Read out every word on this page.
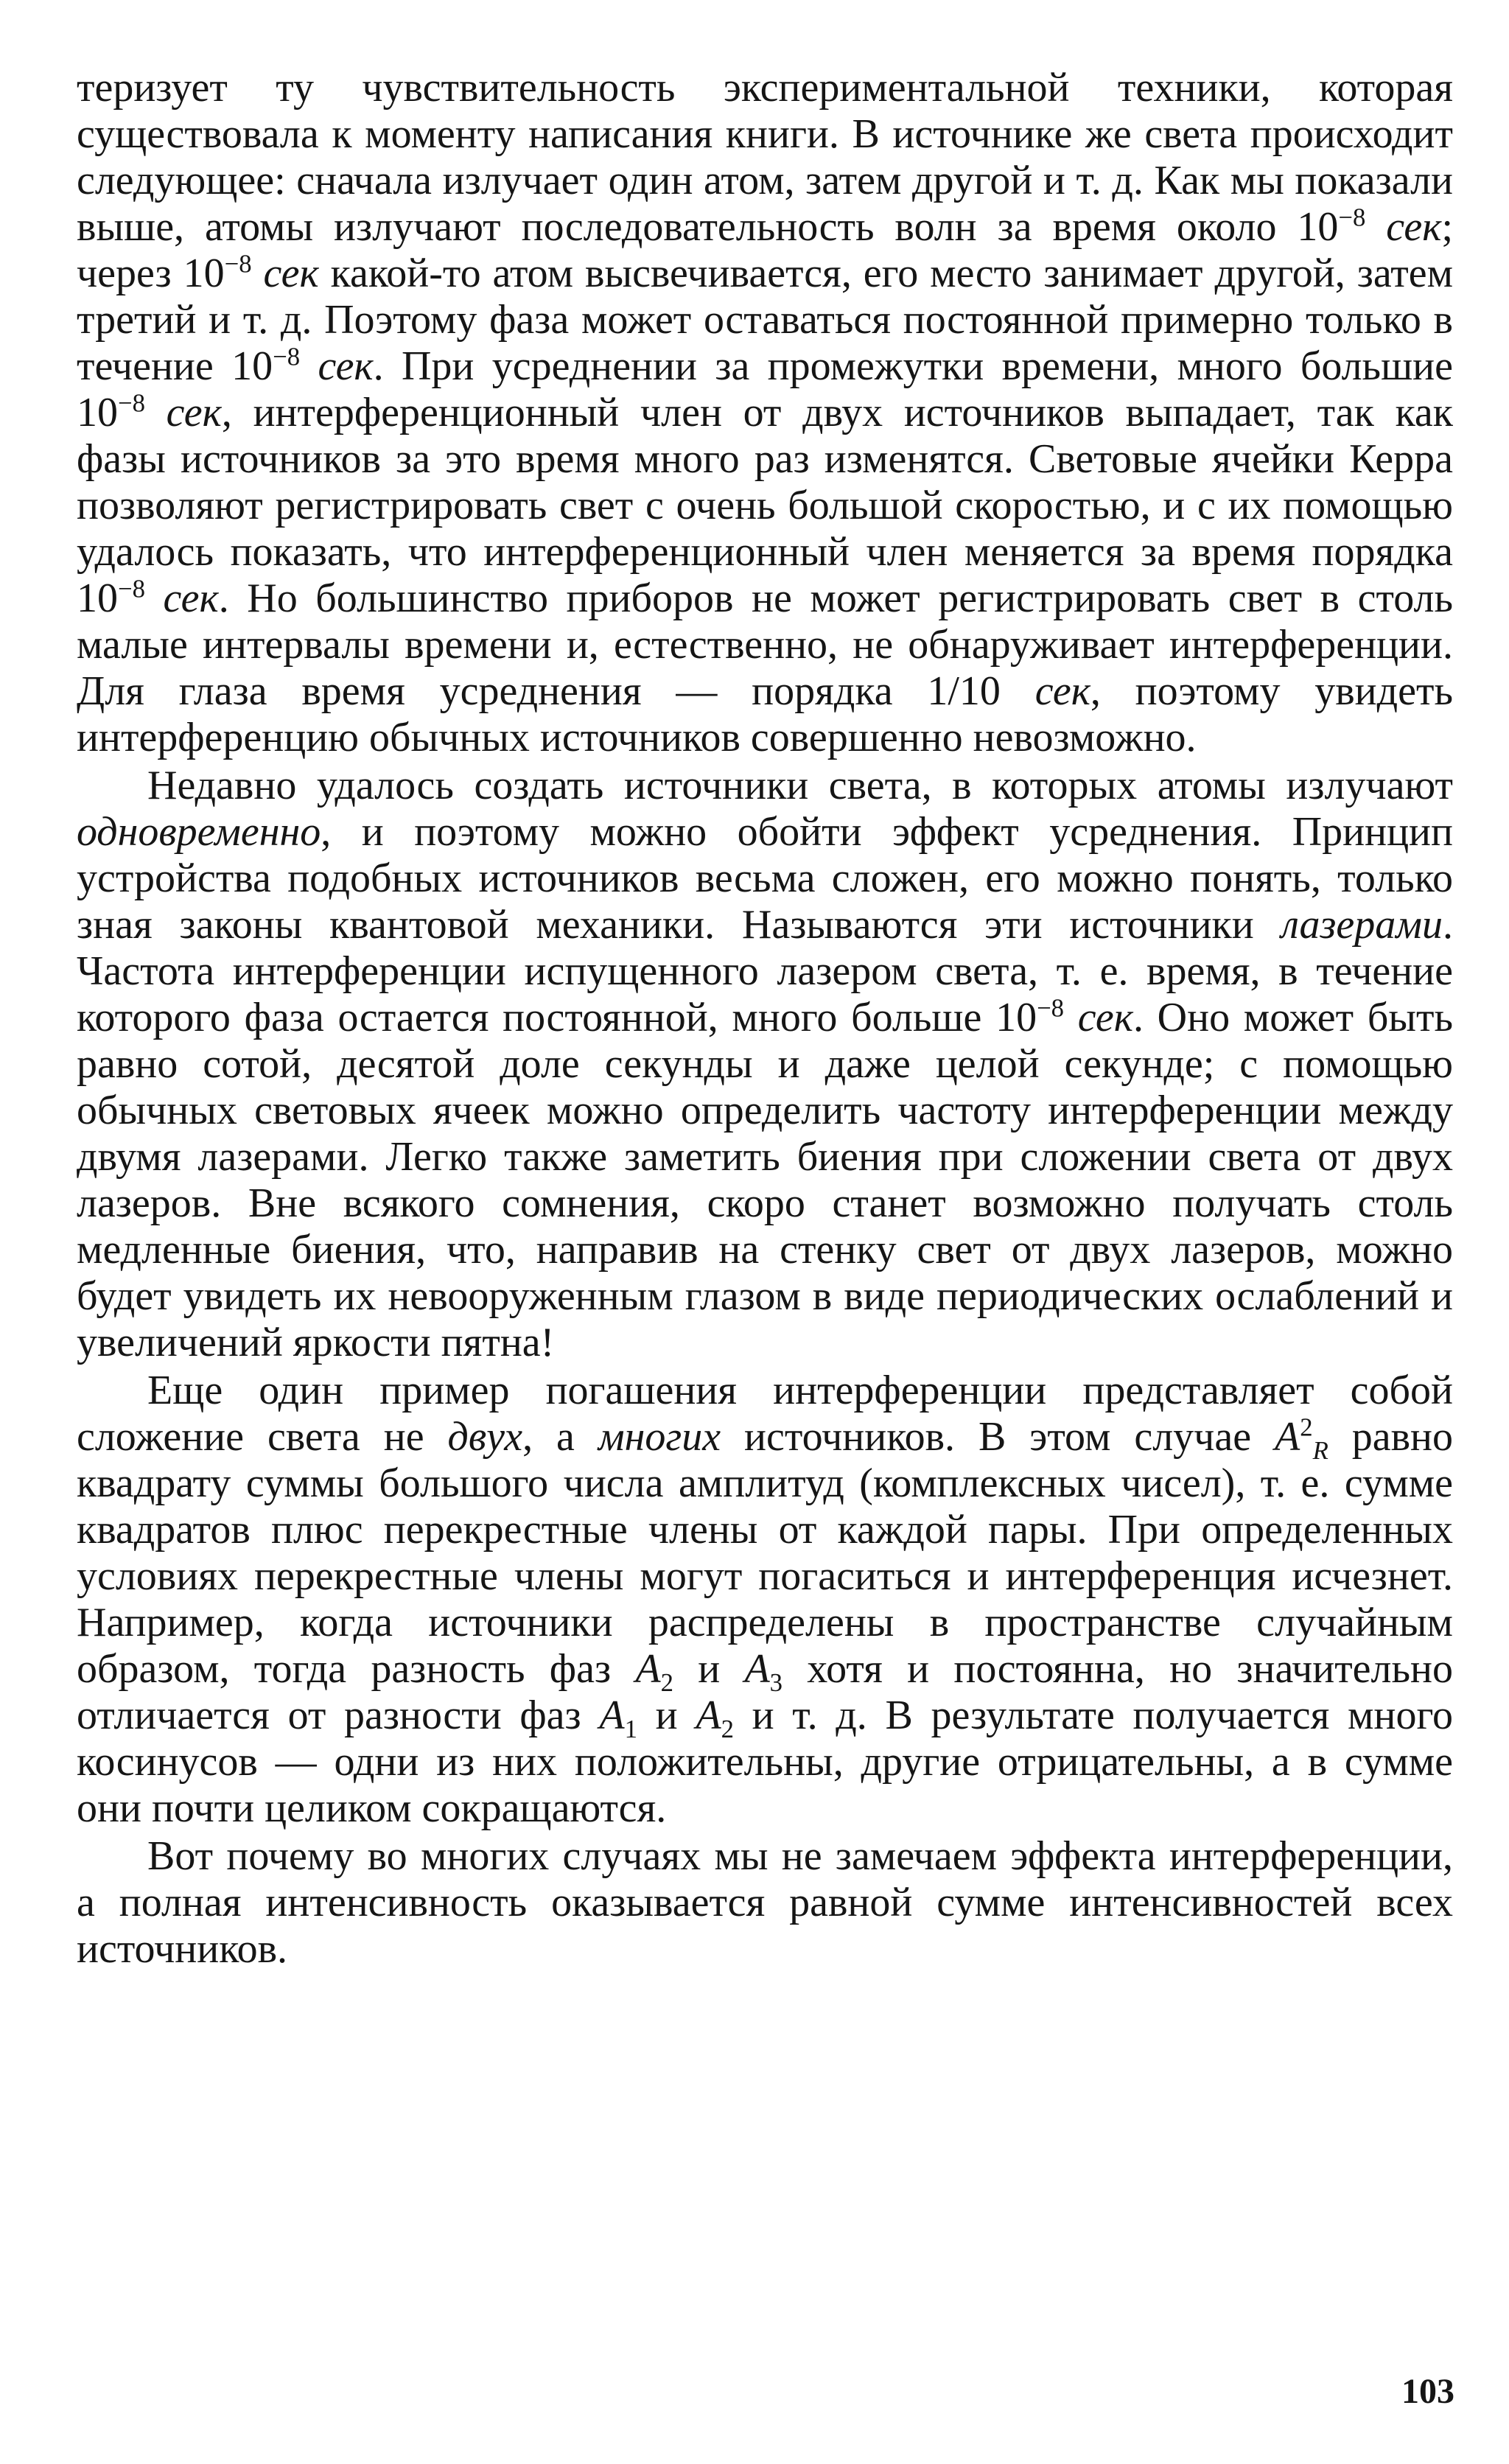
теризует ту чувствительность экспериментальной техники, которая существовала к моменту написания книги. В источнике же света происходит следующее: сначала излучает один атом, затем другой и т. д. Как мы показали выше, атомы излучают последовательность волн за время около $10^{-8}$ сек; через $10^{-8}$ сек какой-то атом высвечивается, его место занимает другой, затем третий и т. д. Поэтому фаза может оставаться постоянной примерно только в течение $10^{-8}$ сек. При усреднении за промежутки времени, много большие $10^{-8}$ сек, интерференционный член от двух источников выпадает, так как фазы источников за это время много раз изменятся. Световые ячейки Керра позволяют регистрировать свет с очень большой скоростью, и с их помощью удалось показать, что интерференционный член меняется за время порядка $10^{-8}$ сек. Но большинство приборов не может регистрировать свет в столь малые интервалы времени и, естественно, не обнаруживает интерференции. Для глаза время усреднения — порядка 1/10 сек, поэтому увидеть интерференцию обычных источников совершенно невозможно.

Недавно удалось создать источники света, в которых атомы излучают одновременно, и поэтому можно обойти эффект усреднения. Принцип устройства подобных источников весьма сложен, его можно понять, только зная законы квантовой механики. Называются эти источники лазерами. Частота интерференции испущенного лазером света, т. е. время, в течение которого фаза остается постоянной, много больше $10^{-8}$ сек. Оно может быть равно сотой, десятой доле секунды и даже целой секунде; с помощью обычных световых ячеек можно определить частоту интерференции между двумя лазерами. Легко также заметить биения при сложении света от двух лазеров. Вне всякого сомнения, скоро станет возможно получать столь медленные биения, что, направив на стенку свет от двух лазеров, можно будет увидеть их невооруженным глазом в виде периодических ослаблений и увеличений яркости пятна!

Еще один пример погашения интерференции представляет собой сложение света не двух, а многих источников. В этом случае $A^2_R$ равно квадрату суммы большого числа амплитуд (комплексных чисел), т. е. сумме квадратов плюс перекрестные члены от каждой пары. При определенных условиях перекрестные члены могут погаситься и интерференция исчезнет. Например, когда источники распределены в пространстве случайным образом, тогда разность фаз $A_2$ и $A_3$ хотя и постоянна, но значительно отличается от разности фаз $A_1$ и $A_2$ и т. д. В результате получается много косинусов — одни из них положительны, другие отрицательны, а в сумме они почти целиком сокращаются.

Вот почему во многих случаях мы не замечаем эффекта интерференции, а полная интенсивность оказывается равной сумме интенсивностей всех источников.

103
